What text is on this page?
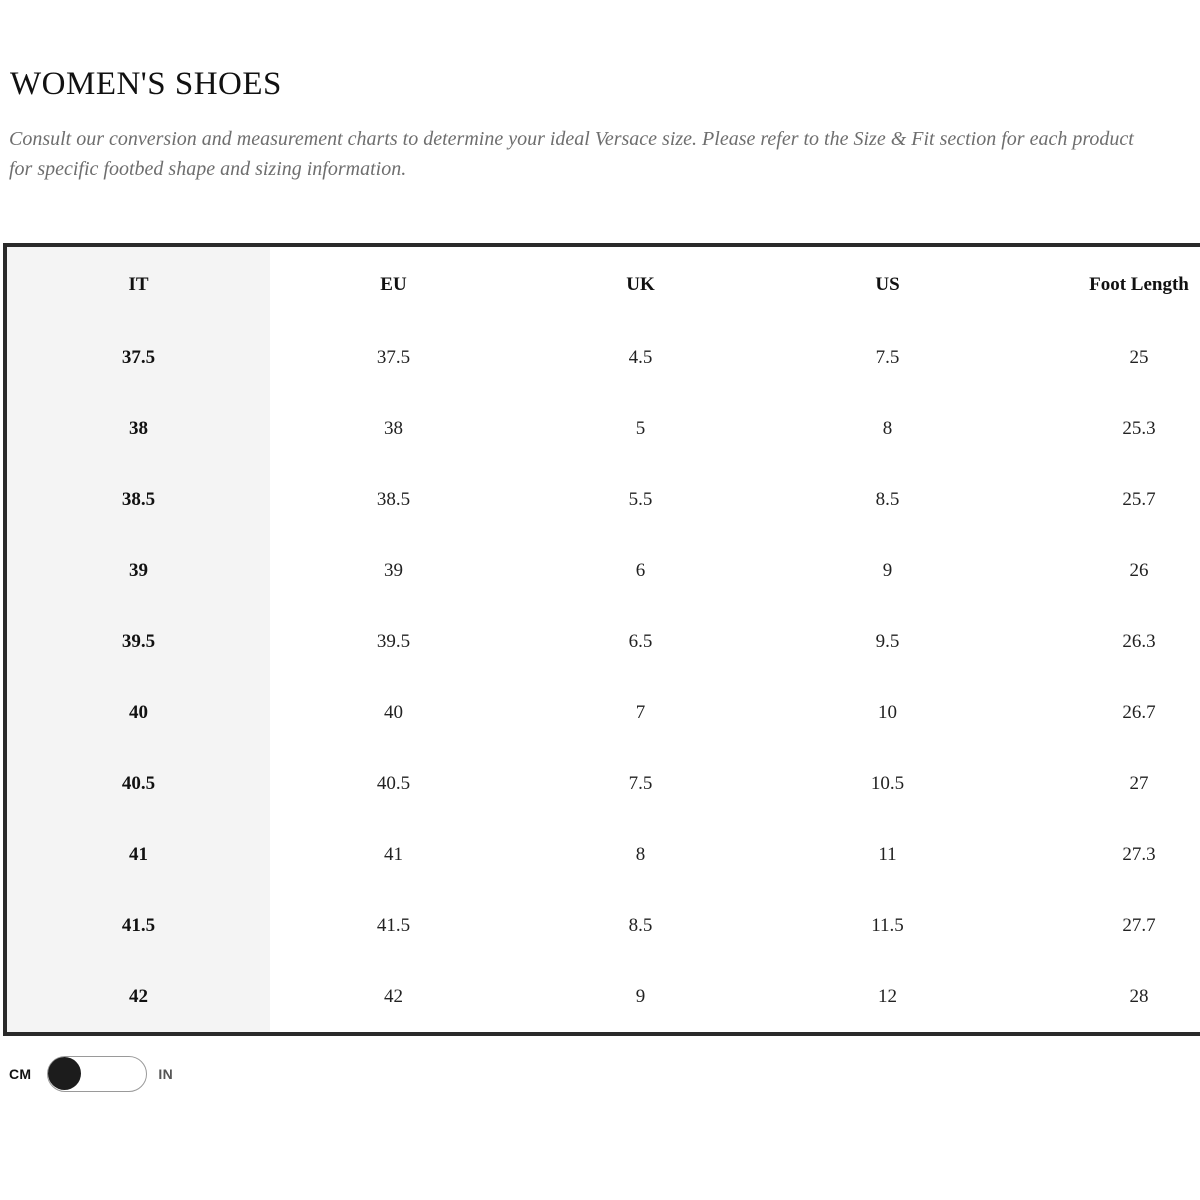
WOMEN'S SHOES

Consult our conversion and measurement charts to determine your ideal Versace size. Please refer to the Size & Fit section for each product for specific footbed shape and sizing information.

IT	EU	UK	US	Foot Length
37.5	37.5	4.5	7.5	25
38	38	5	8	25.3
38.5	38.5	5.5	8.5	25.7
39	39	6	9	26
39.5	39.5	6.5	9.5	26.3
40	40	7	10	26.7
40.5	40.5	7.5	10.5	27
41	41	8	11	27.3
41.5	41.5	8.5	11.5	27.7
42	42	9	12	28
CM	IN
